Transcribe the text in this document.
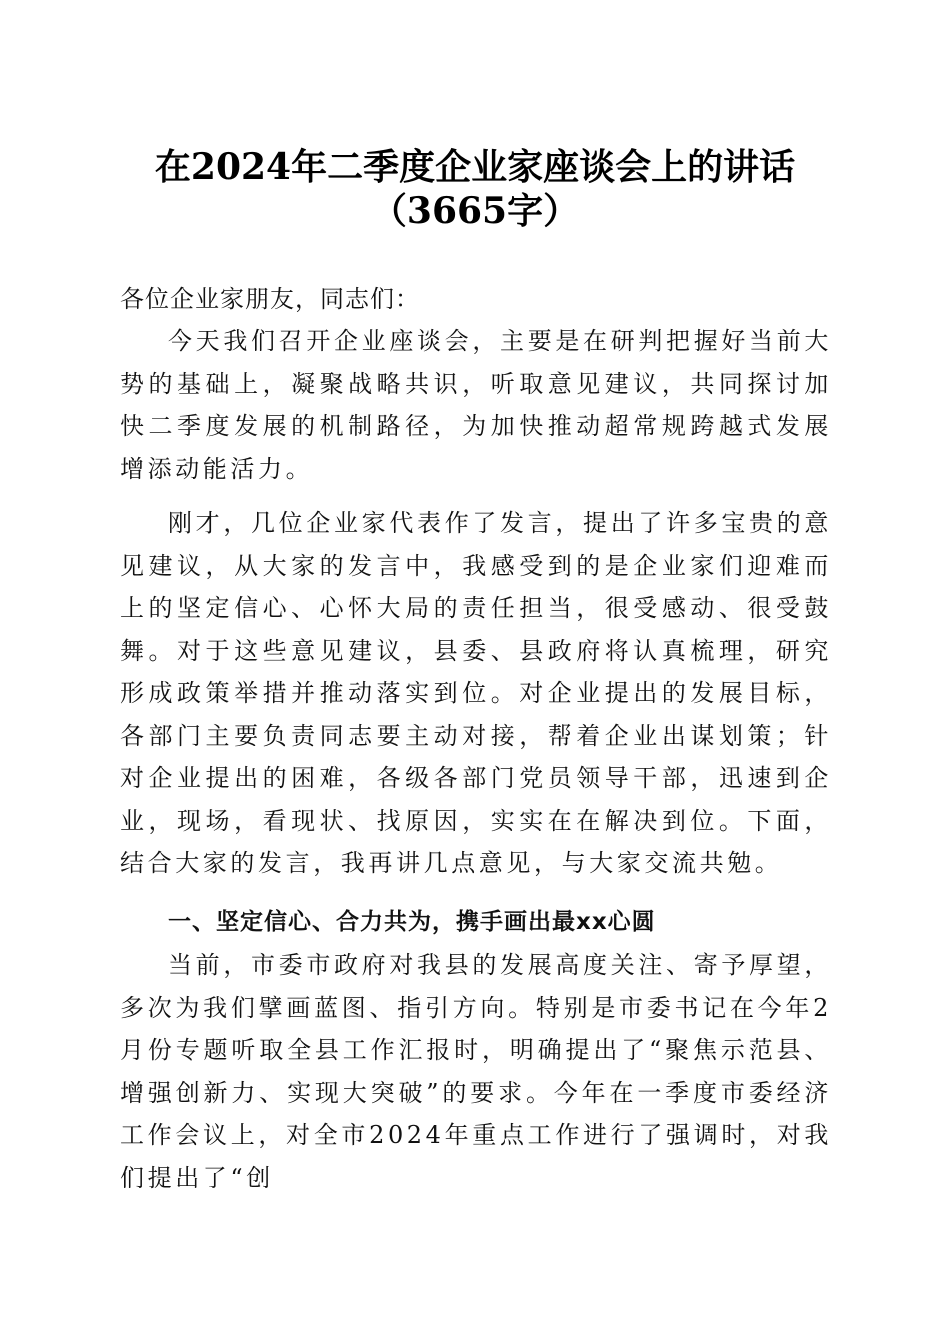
在2024年二季度企业家座谈会上的讲话
（3665字）
各位企业家朋友，同志们：

今天我们召开企业座谈会，主要是在研判把握好当前大势的基础上，凝聚战略共识，听取意见建议，共同探讨加快二季度发展的机制路径，为加快推动超常规跨越式发展增添动能活力。

刚才，几位企业家代表作了发言，提出了许多宝贵的意见建议，从大家的发言中，我感受到的是企业家们迎难而上的坚定信心、心怀大局的责任担当，很受感动、很受鼓舞。对于这些意见建议，县委、县政府将认真梳理，研究形成政策举措并推动落实到位。对企业提出的发展目标，各部门主要负责同志要主动对接，帮着企业出谋划策；针对企业提出的困难，各级各部门党员领导干部，迅速到企业，现场，看现状、找原因，实实在在解决到位。下面，结合大家的发言，我再讲几点意见，与大家交流共勉。

一、坚定信心、合力共为，携手画出最xx心圆

当前，市委市政府对我县的发展高度关注、寄予厚望，多次为我们擘画蓝图、指引方向。特别是市委书记在今年2月份专题听取全县工作汇报时，明确提出了“聚焦示范县、增强创新力、实现大突破”的要求。今年在一季度市委经济工作会议上，对全市2024年重点工作进行了强调时，对我们提出了“创
